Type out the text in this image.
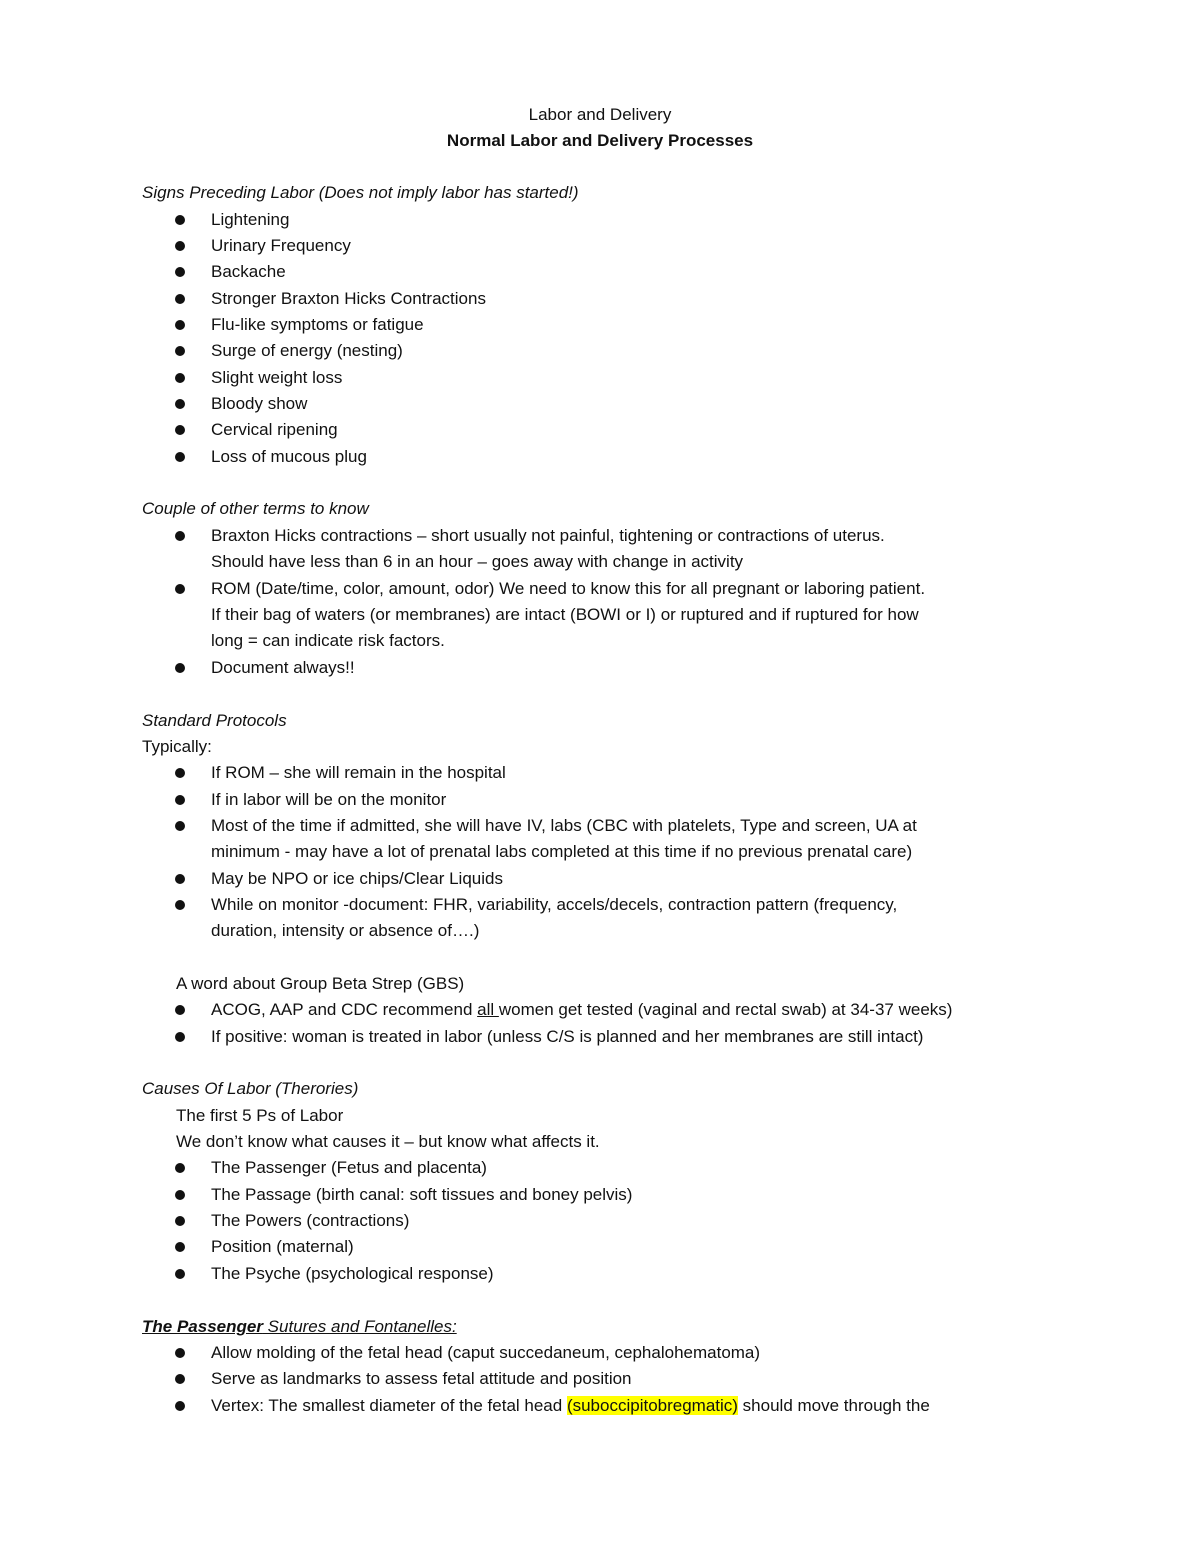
Labor and Delivery
Normal Labor and Delivery Processes
Signs Preceding Labor (Does not imply labor has started!)
Lightening
Urinary Frequency
Backache
Stronger Braxton Hicks Contractions
Flu-like symptoms or fatigue
Surge of energy (nesting)
Slight weight loss
Bloody show
Cervical ripening
Loss of mucous plug
Couple of other terms to know
Braxton Hicks contractions – short usually not painful, tightening or contractions of uterus.
Should have less than 6 in an hour – goes away with change in activity
ROM (Date/time, color, amount, odor) We need to know this for all pregnant or laboring patient.
If their bag of waters (or membranes) are intact (BOWI or I) or ruptured and if ruptured for how
long = can indicate risk factors.
Document always!!
Standard Protocols
Typically:
If ROM – she will remain in the hospital
If in labor will be on the monitor
Most of the time if admitted, she will have IV, labs (CBC with platelets, Type and screen, UA at
minimum - may have a lot of prenatal labs completed at this time if no previous prenatal care)
May be NPO or ice chips/Clear Liquids
While on monitor -document: FHR, variability, accels/decels, contraction pattern (frequency,
duration, intensity or absence of….)
A word about Group Beta Strep (GBS)
ACOG, AAP and CDC recommend all women get tested (vaginal and rectal swab) at 34-37 weeks)
If positive: woman is treated in labor (unless C/S is planned and her membranes are still intact)
Causes Of Labor (Therories)
The first 5 Ps of Labor
We don’t know what causes it – but know what affects it.
The Passenger (Fetus and placenta)
The Passage (birth canal: soft tissues and boney pelvis)
The Powers (contractions)
Position (maternal)
The Psyche (psychological response)
The Passenger Sutures and Fontanelles:
Allow molding of the fetal head (caput succedaneum, cephalohematoma)
Serve as landmarks to assess fetal attitude and position
Vertex: The smallest diameter of the fetal head (suboccipitobregmatic) should move through the
